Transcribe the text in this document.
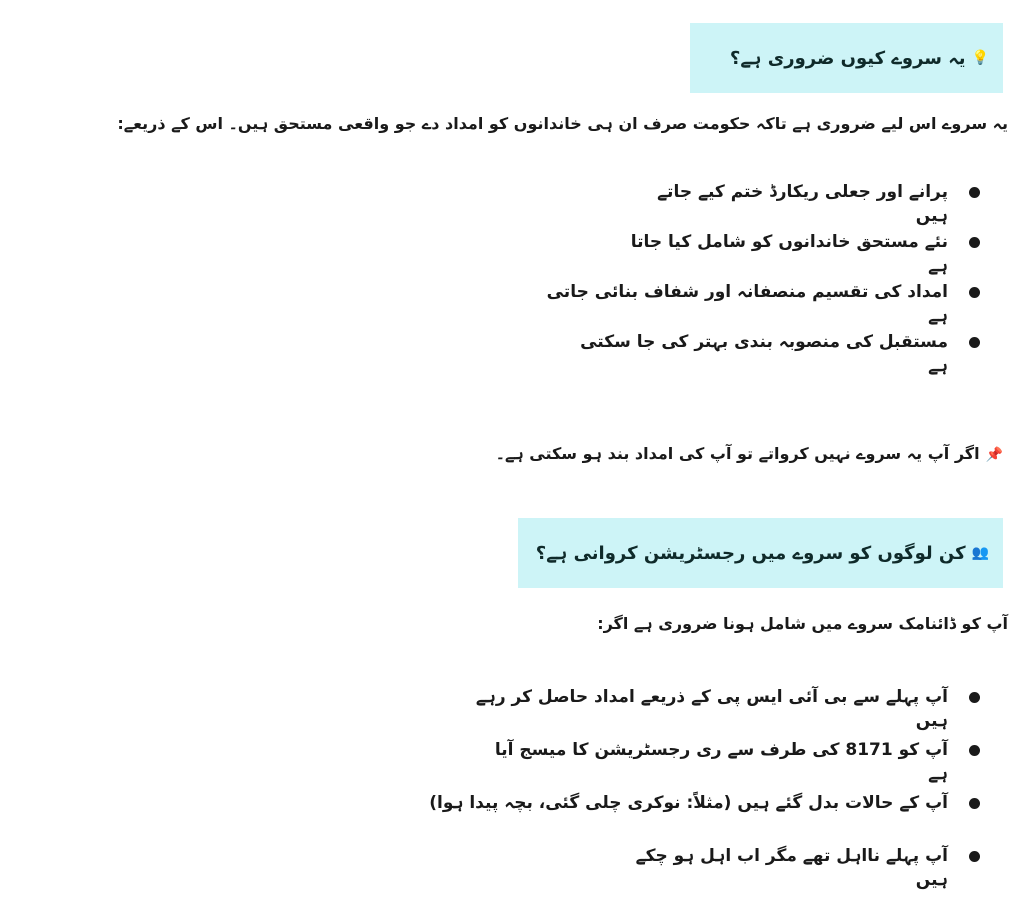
💡
یہ سروے کیوں ضروری ہے؟
یہ سروے اس لیے ضروری ہے تاکہ حکومت صرف ان ہی خاندانوں کو امداد دے جو واقعی مستحق ہیں۔ اس کے ذریعے:
پرانے اور جعلی ریکارڈ ختم کیے جاتے
ہیں
نئے مستحق خاندانوں کو شامل کیا جاتا
ہے
امداد کی تقسیم منصفانہ اور شفاف بنائی جاتی
ہے
مستقبل کی منصوبہ بندی بہتر کی جا سکتی
ہے
📌اگر آپ یہ سروے نہیں کرواتے تو آپ کی امداد بند ہو سکتی ہے۔
👥
کن لوگوں کو سروے میں رجسٹریشن کروانی ہے؟
آپ کو ڈائنامک سروے میں شامل ہونا ضروری ہے اگر:
آپ پہلے سے بی آئی ایس پی کے ذریعے امداد حاصل کر رہے
ہیں
آپ کو 8171 کی طرف سے ری رجسٹریشن کا میسج آیا
ہے
آپ کے حالات بدل گئے ہیں (مثلاً: نوکری چلی گئی، بچہ پیدا ہوا)
آپ پہلے نااہل تھے مگر اب اہل ہو چکے
ہیں
